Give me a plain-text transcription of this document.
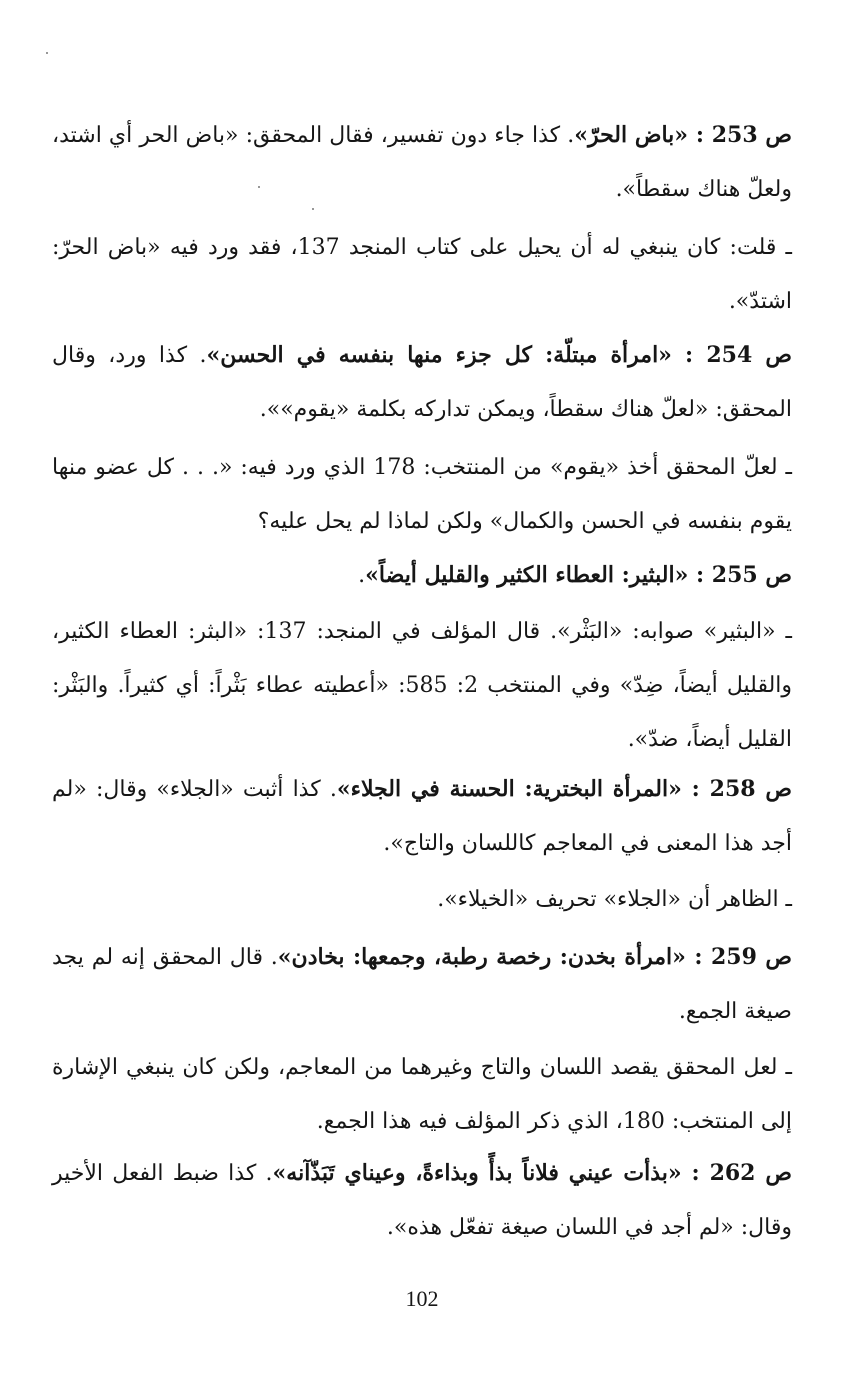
ص 253 : «باض الحرّ». كذا جاء دون تفسير، فقال المحقق: «باض الحر أي اشتد، ولعلّ هناك سقطاً».

ـ قلت: كان ينبغي له أن يحيل على كتاب المنجد 137، فقد ورد فيه «باض الحرّ: اشتدّ».

ص 254 : «امرأة مبتلّة: كل جزء منها بنفسه في الحسن». كذا ورد، وقال المحقق: «لعلّ هناك سقطاً، ويمكن تداركه بكلمة «يقوم»».

ـ لعلّ المحقق أخذ «يقوم» من المنتخب: 178 الذي ورد فيه: «. . . كل عضو منها يقوم بنفسه في الحسن والكمال» ولكن لماذا لم يحل عليه؟

ص 255 : «البثير: العطاء الكثير والقليل أيضاً».

ـ «البثير» صوابه: «البَثْر». قال المؤلف في المنجد: 137: «البثر: العطاء الكثير، والقليل أيضاً، ضِدّ» وفي المنتخب 2: 585: «أعطيته عطاء بَثْراً: أي كثيراً. والبَثْر: القليل أيضاً، ضدّ».

ص 258 : «المرأة البخترية: الحسنة في الجلاء». كذا أثبت «الجلاء» وقال: «لم أجد هذا المعنى في المعاجم كاللسان والتاج».

ـ الظاهر أن «الجلاء» تحريف «الخيلاء».

ص 259 : «امرأة بخدن: رخصة رطبة، وجمعها: بخادن». قال المحقق إنه لم يجد صيغة الجمع.

ـ لعل المحقق يقصد اللسان والتاج وغيرهما من المعاجم، ولكن كان ينبغي الإشارة إلى المنتخب: 180، الذي ذكر المؤلف فيه هذا الجمع.

ص 262 : «بذأت عيني فلاناً بذأً وبذاءةً، وعيناي تَبَذّآنه». كذا ضبط الفعل الأخير وقال: «لم أجد في اللسان صيغة تفعّل هذه».

102
